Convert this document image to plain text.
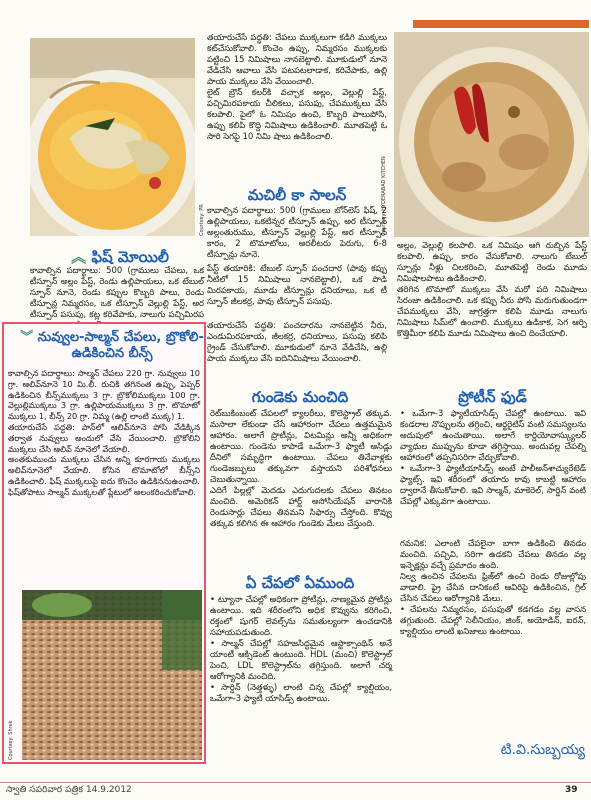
Courtesy: PR

︽ ఫిష్ మోయిలీ

కావాల్సిన పదార్థాలు: 500 (గ్రాములు చేపలు, ఒక టీస్పూన్ అల్లం పేస్ట్, రెండు ఉల్లిపాయలు, ఒక టేబుల్ స్పూన్ నూనె, రెండు కప్పుల కొబ్బరి పాలు, రెండు టీస్పూన్ల నిమ్మరసం, ఒక టీస్పూన్ వెల్లుల్లి పేస్ట్, అర టీస్పూన్ పసుపు, కట్ల కరివేపాకు, నాలుగు పచ్చిమిరప

︾ నువ్వుల-సాల్మన్ చేపలు, బ్రొకోలి-ఉడికించిన బీన్స్

కావాల్సిన పదార్థాలు: సాల్మన్ చేపలు 220 గ్రా. నువ్వులు 10 గ్రా. ఆలివ్‌నూనె 10 మి.లీ. రుచికి తగినంత ఉప్పు, పెప్పర్ ఉడికించిన బీన్స్‌ముక్కలు 3 గ్రా. బ్రొకోలిముక్కలు 100 గ్రా. వెల్లుల్లిముక్కలు 3 గ్రా. ఉల్లిపాయముక్కలు 3 గ్రా. టొమాటో ముక్కలు 1, బీన్స్ 20 గ్రా. నిమ్మ (ఉల్లి లాంటి ముక్క) 1.
తయారుచేసే పద్ధతి: పాన్‌లో ఆలివ్‌నూనె పోసి వేడిక్కిన తర్వాత నువ్వులు అందులో వేసి వేయించాలి. బ్రొకోలిని ముక్కలు చేసి ఆలివ్ నూనెలో వేయాలి.
అంతకుముందు ముక్కలు చేసిన అన్ని కూరగాయ ముక్కలు అలివ్‌నూనెలో వేయాలి. కోసిన టొమాటోలో బీన్స్‌ని ఉడికించాలి. ఫిష్ ముక్కలుపై ఐదు కొంచెం ఉడికిననుఉంచాలి. ఫిష్‌తోపాటు సాల్మన్ ముక్కలతో ప్లేటులో అలంకరించుకోవాలి.

Courtesy: Shrek

తయారుచేసే పద్ధతి: చేపలు ముక్కలుగా కడిగి ముక్కలు కట్‌చేసుకోవాలి. కొంచెం ఉప్పు, నిమ్మరసం ముక్కలకు పట్టించి 15 నిమిషాలు నానబెట్టాలి. మూకుడులో నూనె వేడిచేసి ఆవాలు వేసి పటపటలాడాక, కరివేపాకు, ఉల్లి పాయ ముక్కలు వేసి వేయించాలి.
లైట్ బ్రౌన్ కలర్‌కి వచ్చాక అల్లం, వెల్లుల్లి పేస్ట్, పచ్చిమిరపకాయ చీలికలు, పసుపు, చేపముక్కలు వేసి కలపాలి. పైలో ఓ నిమిషం ఉంచి, కొబ్బరి పాలుపోసి, ఉప్పు కలిపి కొద్ది నిమిషాలు ఉడికించాలి. మూతపెట్టి ఓ సారి సెగపై 10 నిమి షాలు ఉడికించాలి.

మచిలీ కా సాలన్

కావాల్సిన పదార్థాలు: 500 (గ్రాములు బోన్‌లెస్ ఫిష్, 2 ఉల్లిపాయలు, ఒకటిన్నర టీస్పూన్ ఉప్పు, అర టీస్పూన్ అల్లంతురుము, టీస్పూన్ వెల్లుల్లి పేస్ట్, అర టీస్పూన్ కారం, 2 టొమాటోలు, అరలీటరు పెరుగు, 6-8 టీస్పూన్లు నూనె.

పేస్ట్ తయారికి: టేబుల్ స్పూన్ పంచదార (పావు కప్పు నీటిలో 15 నిమిషాలు నానబెట్టాలి), ఒక పొడి మిరపకాయ, మూడు టీస్పూన్లు ధనియాలు, ఒక టీ స్పూన్ జీలకర్ర, పావు టీస్పూన్ పసుపు.

తయారుచేసే పద్ధతి: పంచదారను నానబెట్టిన నీరు, ఎండుమిరపకాయ, జీలకర్ర, ధనియాలు, పసుపు కలిపి గ్రైండ్ చేసుకోవాలి. మూకుడులో నూనె వేడిచేసి, ఉల్లి పాయ ముక్కలు వేసి ఐదినిమిషాలు వేయించాలి.

Courtesy: HYDERABAD KITCHEN

అల్లం, వెల్లుల్లి కలపాలి. ఒక నిమిషం ఆగి రుబ్బిన పేస్ట్ కలపాలి. ఉప్పు, కారం వేసుకోవాలి. నాలుగు టేబుల్ స్పూన్లు నీళ్లు చిలకరించి, మూతపెట్టి రెండు మూడు నిమిషాలపాటు ఉడికించాలి.
తరిగిన టొమాటో ముక్కలు వేసి మరో పది నిమిషాలు సిరంజా ఉడికించాలి. ఒక కప్పు నీరు పోసి మరుగుతుండగా చేపముక్కలు వేసి, జాగ్రత్తగా కలిపి మూడు నాలుగు నిమిషాలు సిమ్‌లో ఉంచాలి. ముక్కలు ఉడికాక, సెగ ఆర్పి కొత్తిమీరా కలిపి మూడు నిమిషాలు ఉంచి దించేయాలి.

గుండెకు మంచిది

రెట్‌బుకింబంట్ చేపలలో క్యాలరీలు, కొలెస్ట్రాల్ తక్కువ. మసాలా లేకుండా చేసే ఆహారంగా చేపలు ఉత్తమమైన ఆహారం. అలాగే ప్రొటీన్లు, విటమిన్లు అన్నీ అధికంగా ఉంటాయి. గుండెను కాపాడే ఒమేగా-3 ఫ్యాటీ ఆసిడ్లు దీనిలో సమృద్ధిగా ఉంటాయి. చేపలు తినేవాళ్లకు గుండెజబ్బులు తక్కువగా వస్తాయని పరిశోధనలు చెబుతున్నాయి.
ఎదిగే పిల్లల్లో మెదడు ఎదుగుదలకు చేపలు తినటం మంచిది. అమెరికన్ హార్ట్ అసోసియేషన్ వారానికి రెండుసార్లు చేపలు తినమని సిఫార్సు చేస్తోంది. కొవ్వు తక్కువ కలిగిన ఈ ఆహారం గుండెకు మేలు చేస్తుంది.

ఏ చేపలో ఏముంది

• ట్యూనా చేపల్లో అధికంగా ప్రోటీన్లు, నాణ్యమైన ప్రోటీన్లు ఉంటాయి. ఇది శరీరంలోని అధిక కొవ్వును కరిగించి, రక్తంలో షుగర్ లెవల్స్‌ను సమతుల్యంగా ఉంచడానికి సహాయపడుతుంది.
• సాల్మన్ చేపల్లో సహజసిద్ధమైన ఆస్టాక్సాంథిన్ అనే యాంటీ ఆక్సిడెంట్ ఉంటుంది. HDL (మంచి) కొలెస్ట్రాల్ పెంచి, LDL కొలెస్ట్రాల్‌ను తగ్గిస్తుంది. అలాగే చర్మ ఆరోగ్యానికి మంచిది.
• సార్డిన్ (నెత్తళ్ళు) లాంటి చిన్న చేపల్లో క్యాల్షియం, ఒమేగా-3 ఫ్యాటీ యాసిడ్స్ ఉంటాయి.

ప్రోటీన్ ఫుడ్

• ఒమేగా-3 ఫ్యాటీయాసిడ్స్ చేపల్లో ఉంటాయి. ఇవి కండరాల నొప్పులను తగ్గించి, ఆర్థరైటిస్ వంటి సమస్యలను అదుపులో ఉంచుతాయి. అలాగే కార్డియోవాస్క్యులర్ వ్యాధుల ముప్పును కూడా తగ్గిస్తాయి. అందువల్ల చేపల్ని ఆహారంలో తప్పనిసరిగా చేర్చుకోవాలి.
• ఒమేగా-3 ఫ్యాటీయాసిడ్స్ అంటే పాలీఅన్‌శాచ్యురేటెడ్ ఫ్యాట్స్. ఇవి శరీరంలో తయారు కావు కాబట్టి ఆహారం ద్వారానే తీసుకోవాలి. ఇవి సాల్మన్, మాకెరెల్, సార్డిన్ వంటి చేపల్లో ఎక్కువగా ఉంటాయి.

గమనిక: ఎలాంటి చేపలైనా బాగా ఉడికించి తినడం మంచిది. పచ్చివి, సరిగా ఉడకని చేపలు తినడం వల్ల ఇన్ఫెక్షన్లు వచ్చే ప్రమాదం ఉంది.
నిల్వ ఉంచిన చేపలను ఫ్రిజ్‌లో ఉంచి రెండు రోజుల్లోపు వాడాలి. ఫ్రై చేసిన దానికంటే ఆవిరిపై ఉడికించిన, గ్రిల్ చేసిన చేపలు ఆరోగ్యానికి మేలు.
• చేపలను నిమ్మరసం, పసుపుతో కడగడం వల్ల వాసన తగ్గుతుంది. చేపల్లో సెలీనియం, జింక్, అయోడిన్, ఐరన్, క్యాల్షియం లాంటి ఖనిజాలు ఉంటాయి.

టి.వి.సుబ్బయ్య

స్వాతి సపరివార పత్రిక 14.9.2012	39
